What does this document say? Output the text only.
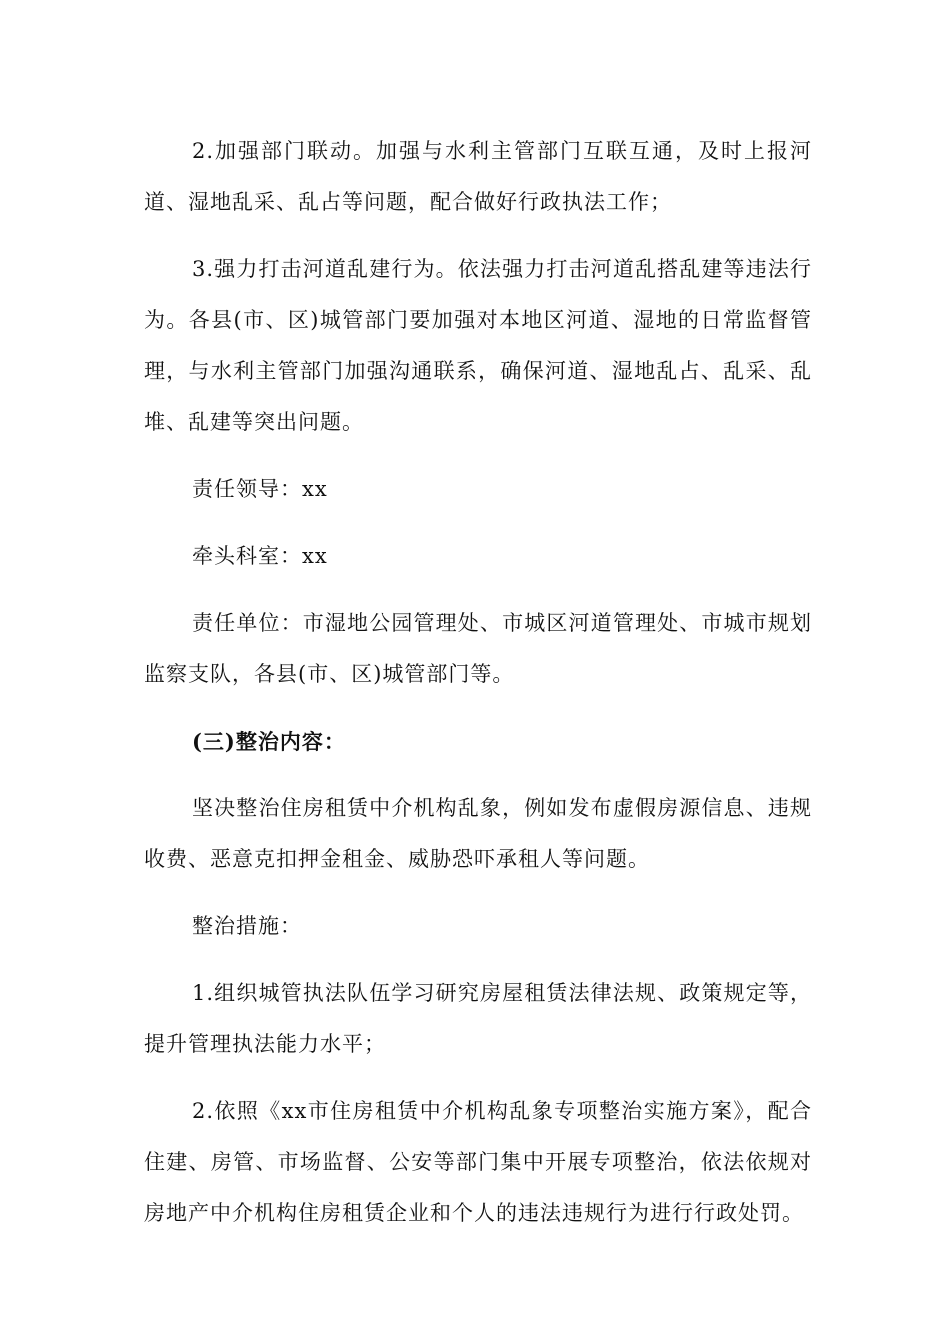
2.加强部门联动。加强与水利主管部门互联互通，及时上报河道、湿地乱采、乱占等问题，配合做好行政执法工作；

3.强力打击河道乱建行为。依法强力打击河道乱搭乱建等违法行为。各县(市、区)城管部门要加强对本地区河道、湿地的日常监督管理，与水利主管部门加强沟通联系，确保河道、湿地乱占、乱采、乱堆、乱建等突出问题。

责任领导：xx

牵头科室：xx

责任单位：市湿地公园管理处、市城区河道管理处、市城市规划监察支队，各县(市、区)城管部门等。

(三)整治内容：

坚决整治住房租赁中介机构乱象，例如发布虚假房源信息、违规收费、恶意克扣押金租金、威胁恐吓承租人等问题。

整治措施：

1.组织城管执法队伍学习研究房屋租赁法律法规、政策规定等，提升管理执法能力水平；

2.依照《xx市住房租赁中介机构乱象专项整治实施方案》，配合住建、房管、市场监督、公安等部门集中开展专项整治，依法依规对房地产中介机构住房租赁企业和个人的违法违规行为进行行政处罚。
